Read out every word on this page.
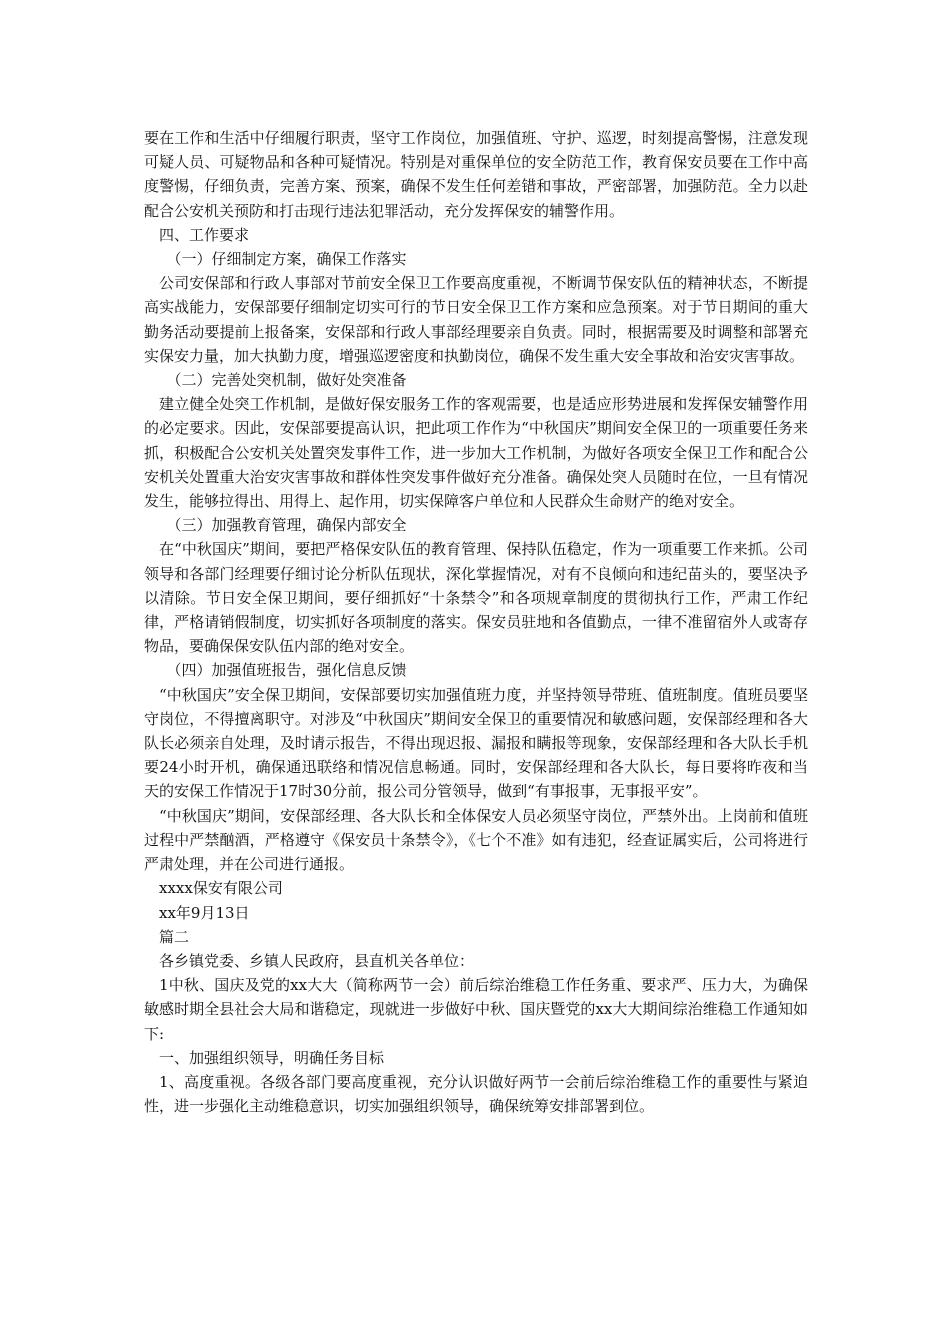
要在工作和生活中仔细履行职责，坚守工作岗位，加强值班、守护、巡逻，时刻提高警惕，注意发现可疑人员、可疑物品和各种可疑情况。特别是对重保单位的安全防范工作，教育保安员要在工作中高度警惕，仔细负责，完善方案、预案，确保不发生任何差错和事故，严密部署，加强防范。全力以赴配合公安机关预防和打击现行违法犯罪活动，充分发挥保安的辅警作用。

四、工作要求

（一）仔细制定方案，确保工作落实

公司安保部和行政人事部对节前安全保卫工作要高度重视，不断调节保安队伍的精神状态，不断提高实战能力，安保部要仔细制定切实可行的节日安全保卫工作方案和应急预案。对于节日期间的重大勤务活动要提前上报备案，安保部和行政人事部经理要亲自负责。同时，根据需要及时调整和部署充实保安力量，加大执勤力度，增强巡逻密度和执勤岗位，确保不发生重大安全事故和治安灾害事故。

（二）完善处突机制，做好处突准备

建立健全处突工作机制，是做好保安服务工作的客观需要，也是适应形势进展和发挥保安辅警作用的必定要求。因此，安保部要提高认识，把此项工作作为“中秋国庆”期间安全保卫的一项重要任务来抓，积极配合公安机关处置突发事件工作，进一步加大工作机制，为做好各项安全保卫工作和配合公安机关处置重大治安灾害事故和群体性突发事件做好充分准备。确保处突人员随时在位，一旦有情况发生，能够拉得出、用得上、起作用，切实保障客户单位和人民群众生命财产的绝对安全。

（三）加强教育管理，确保内部安全

在“中秋国庆”期间，要把严格保安队伍的教育管理、保持队伍稳定，作为一项重要工作来抓。公司领导和各部门经理要仔细讨论分析队伍现状，深化掌握情况，对有不良倾向和违纪苗头的，要坚决予以清除。节日安全保卫期间，要仔细抓好“十条禁令”和各项规章制度的贯彻执行工作，严肃工作纪律，严格请销假制度，切实抓好各项制度的落实。保安员驻地和各值勤点，一律不准留宿外人或寄存物品，要确保保安队伍内部的绝对安全。

（四）加强值班报告，强化信息反馈

“中秋国庆”安全保卫期间，安保部要切实加强值班力度，并坚持领导带班、值班制度。值班员要坚守岗位，不得擅离职守。对涉及“中秋国庆”期间安全保卫的重要情况和敏感问题，安保部经理和各大队长必须亲自处理，及时请示报告，不得出现迟报、漏报和瞒报等现象，安保部经理和各大队长手机要24小时开机，确保通迅联络和情况信息畅通。同时，安保部经理和各大队长，每日要将昨夜和当天的安保工作情况于17时30分前，报公司分管领导，做到“有事报事，无事报平安”。

“中秋国庆”期间，安保部经理、各大队长和全体保安人员必须坚守岗位，严禁外出。上岗前和值班过程中严禁酗酒，严格遵守《保安员十条禁令》，《七个不准》如有违犯，经查证属实后，公司将进行严肃处理，并在公司进行通报。

xxxx保安有限公司

xx年9月13日

篇二

各乡镇党委、乡镇人民政府，县直机关各单位：

1中秋、国庆及党的xx大大（简称两节一会）前后综治维稳工作任务重、要求严、压力大，为确保敏感时期全县社会大局和谐稳定，现就进一步做好中秋、国庆暨党的xx大大期间综治维稳工作通知如下:

一、加强组织领导，明确任务目标

1、高度重视。各级各部门要高度重视，充分认识做好两节一会前后综治维稳工作的重要性与紧迫性，进一步强化主动维稳意识，切实加强组织领导，确保统筹安排部署到位。
